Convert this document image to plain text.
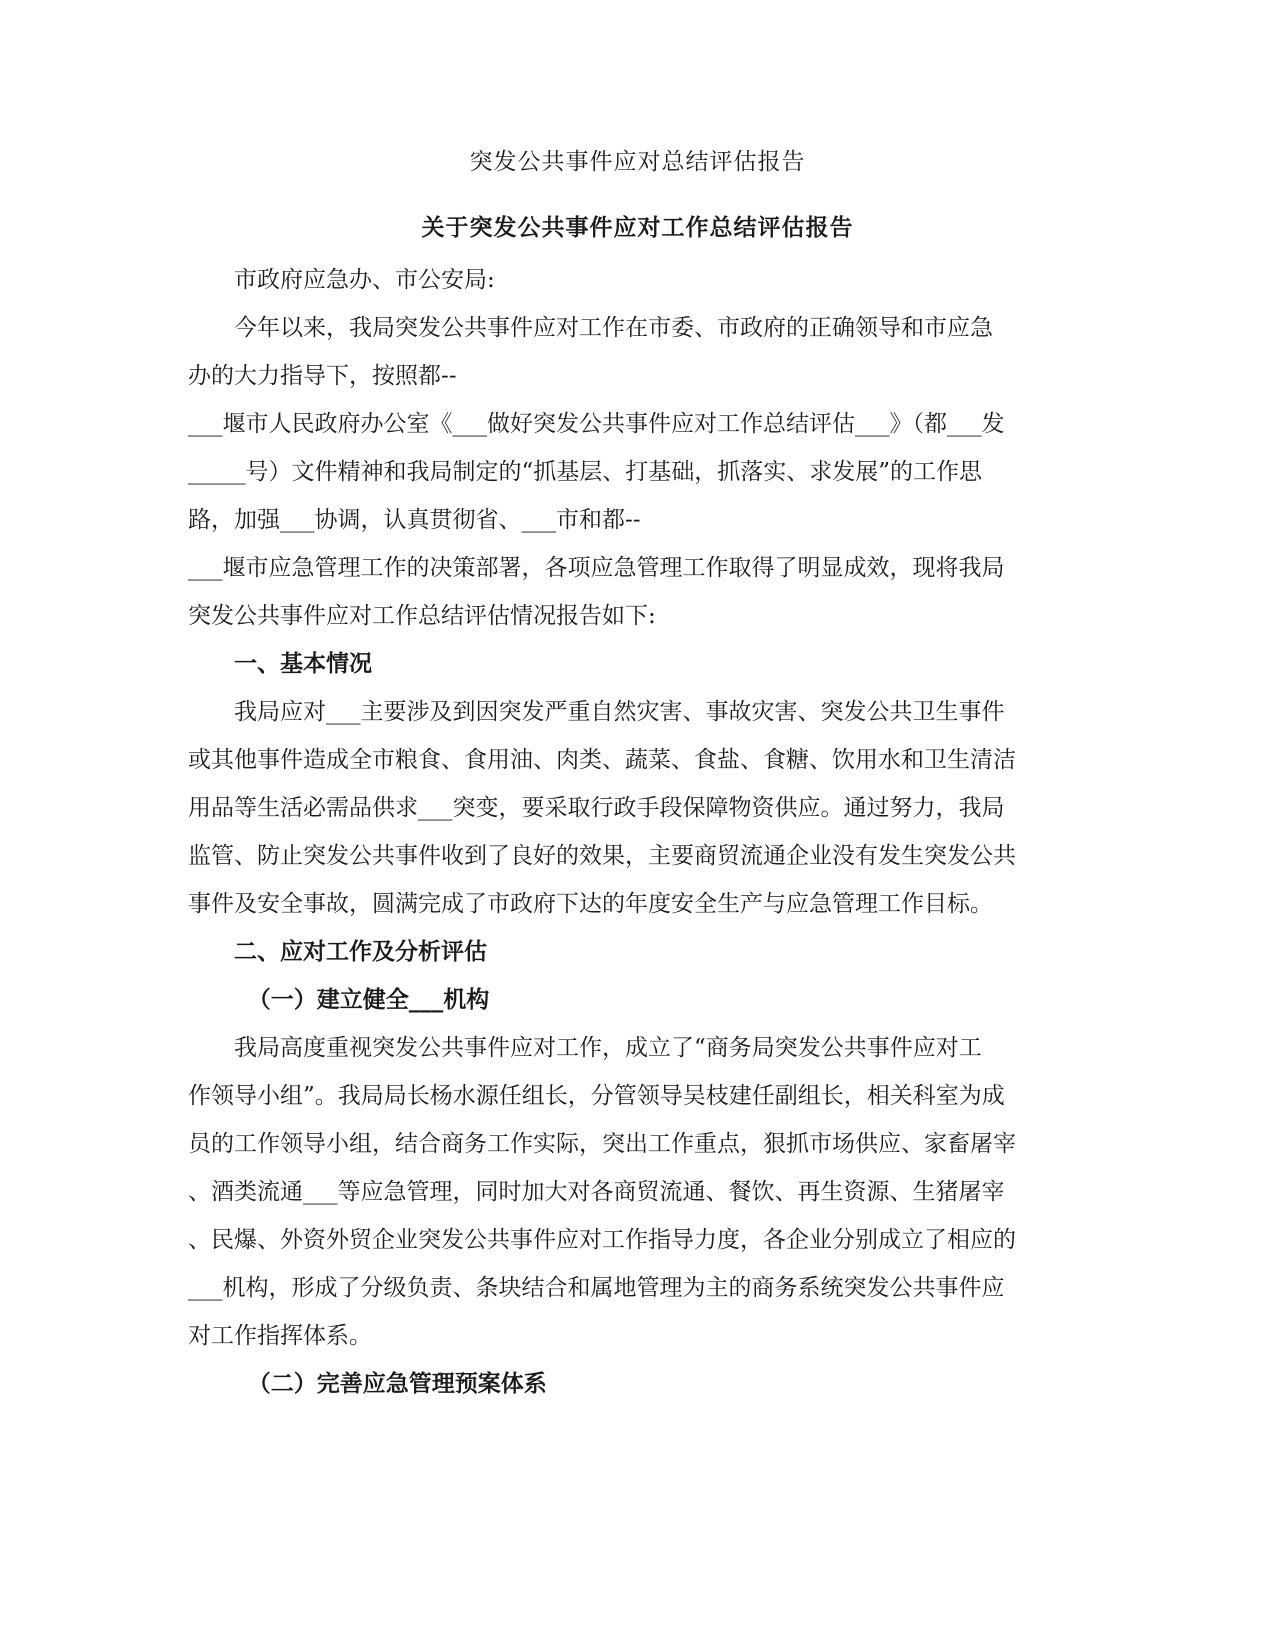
突发公共事件应对总结评估报告
关于突发公共事件应对工作总结评估报告

市政府应急办、市公安局:

今年以来，我局突发公共事件应对工作在市委、市政府的正确领导和市应急

办的大力指导下，按照都--

___堰市人民政府办公室《___做好突发公共事件应对工作总结评估___》（都___发

_____号）文件精神和我局制定的“抓基层、打基础，抓落实、求发展”的工作思

路，加强___协调，认真贯彻省、___市和都--

___堰市应急管理工作的决策部署，各项应急管理工作取得了明显成效，现将我局

突发公共事件应对工作总结评估情况报告如下:

一、基本情况

我局应对___主要涉及到因突发严重自然灾害、事故灾害、突发公共卫生事件

或其他事件造成全市粮食、食用油、肉类、蔬菜、食盐、食糖、饮用水和卫生清洁

用品等生活必需品供求___突变，要采取行政手段保障物资供应。通过努力，我局

监管、防止突发公共事件收到了良好的效果，主要商贸流通企业没有发生突发公共

事件及安全事故，圆满完成了市政府下达的年度安全生产与应急管理工作目标。

二、应对工作及分析评估

（一）建立健全___机构

我局高度重视突发公共事件应对工作，成立了“商务局突发公共事件应对工

作领导小组”。我局局长杨水源任组长，分管领导吴枝建任副组长，相关科室为成

员的工作领导小组，结合商务工作实际，突出工作重点，狠抓市场供应、家畜屠宰

、酒类流通___等应急管理，同时加大对各商贸流通、餐饮、再生资源、生猪屠宰

、民爆、外资外贸企业突发公共事件应对工作指导力度，各企业分别成立了相应的

___机构，形成了分级负责、条块结合和属地管理为主的商务系统突发公共事件应

对工作指挥体系。

（二）完善应急管理预案体系
